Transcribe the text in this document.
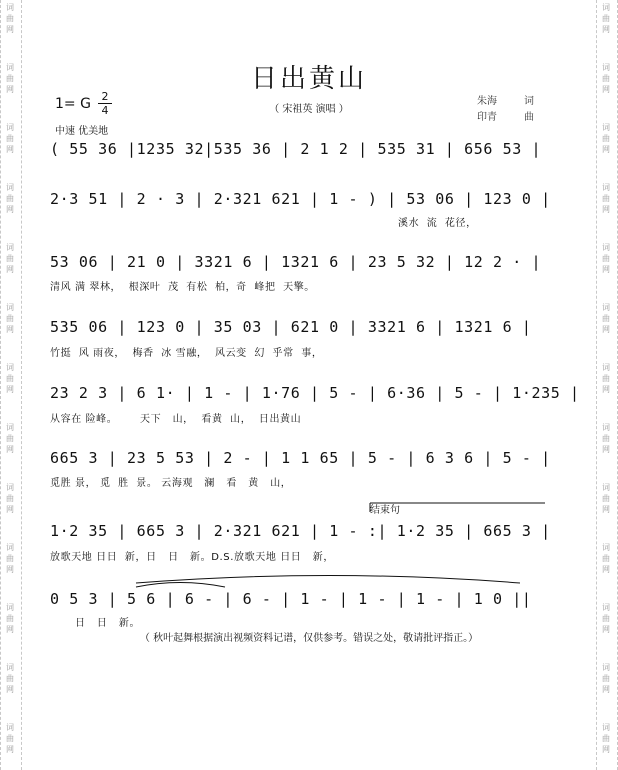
词
曲
网
词
曲
网
词
曲
网
词
曲
网
词
曲
网
词
曲
网
词
曲
网
词
曲
网
词
曲
网
词
曲
网
词
曲
网
词
曲
网
词
曲
网
词
曲
网
词
曲
网
词
曲
网
词
曲
网
词
曲
网
词
曲
网
词
曲
网
词
曲
网
词
曲
网
词
曲
网
词
曲
网
词
曲
网
词
曲
网
日出黄山
（ 宋祖英 演唱 ）
朱海	词
印青	曲
1= G $\frac{2}{4}$
中速 优美地
( 55 36 |1235 32|535 36 | 2 1 2 | 535 31 | 656 53 |
2·3 51 | 2 · 3 | 2·321 621 | 1 - ) | 53 06 | 123 0 |
溪水  流  花径，
53 06 | 21 0 | 3321 6 | 1321 6 | 23 5 32 | 12 2 · |
清风 满 翠林，  根深叶  茂  有松  柏，奇  峰把  天擎。
535 06 | 123 0 | 35 03 | 621 0 | 3321 6 | 1321 6 |
竹挺  风 雨夜，  梅香  冰 雪融，  风云变  幻  乎常  事，
23 2 3 | 6 1· | 1 - | 1·76 | 5 - | 6·36 | 5 - | 1·235 |
从容在 险峰。      天下   山，  看黄  山，  日出黄山
665 3 | 23 5 53 | 2 - | 1 1 65 | 5 - | 6 3 6 | 5 - |
觅胜 景， 觅  胜  景。 云海观   澜   看   黄   山，
结束句
1·2 35 | 665 3 | 2·321 621 | 1 - :| 1·2 35 | 665 3 |
放歌天地 日日  新，日   日   新。D.S.放歌天地 日日   新，
0 5 3 | 5 6 | 6 - | 6 - | 1 - | 1 - | 1 - | 1 0 ||
日   日   新。
（ 秋叶起舞根据演出视频资料记谱，仅供参考。错误之处，敬请批评指正。）
